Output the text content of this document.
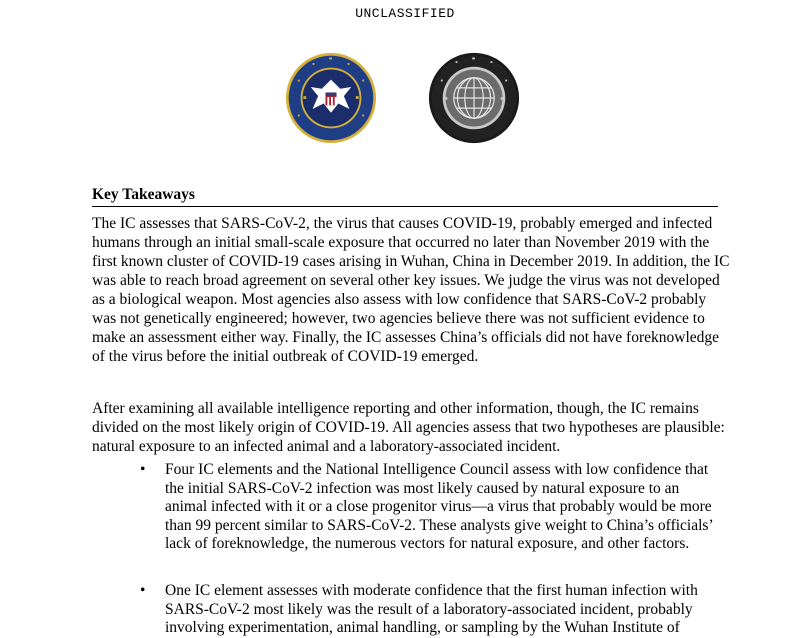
UNCLASSIFIED
Key Takeaways

The IC assesses that SARS-CoV-2, the virus that causes COVID-19, probably emerged and infected humans through an initial small-scale exposure that occurred no later than November 2019 with the first known cluster of COVID-19 cases arising in Wuhan, China in December 2019. In addition, the IC was able to reach broad agreement on several other key issues. We judge the virus was not developed as a biological weapon. Most agencies also assess with low confidence that SARS-CoV-2 probably was not genetically engineered; however, two agencies believe there was not sufficient evidence to make an assessment either way. Finally, the IC assesses China’s officials did not have foreknowledge of the virus before the initial outbreak of COVID-19 emerged.

After examining all available intelligence reporting and other information, though, the IC remains divided on the most likely origin of COVID-19. All agencies assess that two hypotheses are plausible: natural exposure to an infected animal and a laboratory-associated incident.

• Four IC elements and the National Intelligence Council assess with low confidence that the initial SARS-CoV-2 infection was most likely caused by natural exposure to an animal infected with it or a close progenitor virus—a virus that probably would be more than 99 percent similar to SARS-CoV-2. These analysts give weight to China’s officials’ lack of foreknowledge, the numerous vectors for natural exposure, and other factors.
• One IC element assesses with moderate confidence that the first human infection with SARS-CoV-2 most likely was the result of a laboratory-associated incident, probably involving experimentation, animal handling, or sampling by the Wuhan Institute of
